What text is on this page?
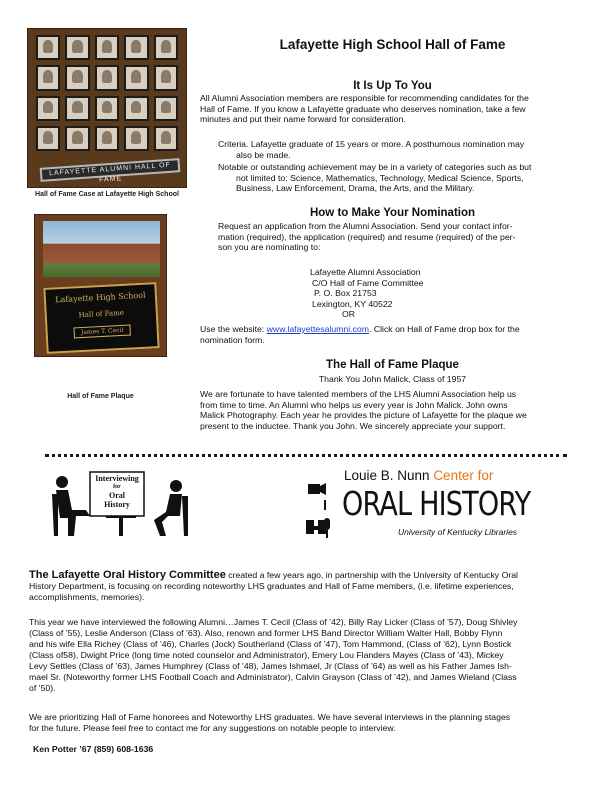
LAFAYETTE ALUMNI HALL OF FAME
Hall of Fame Case at Lafayette High School
Lafayette High School
Hall of Fame
James T. Cecil
Hall of Fame Plaque
Lafayette High School Hall of Fame
It Is Up To You
All Alumni Association members are responsible for recommending candidates for the
Hall of Fame. If you know a Lafayette graduate who deserves nomination, take a few
minutes and put their name forward for consideration.
Criteria. Lafayette graduate of 15 years or more. A posthumous nomination may
also be made.
Notable or outstanding achievement may be in a variety of categories such as but
not limited to: Science, Mathematics, Technology, Medical Science, Sports,
Business, Law Enforcement, Drama, the Arts, and the Military.
How to Make Your Nomination
Request an application from the Alumni Association. Send your contact infor-
mation (required), the application (required) and resume (required) of the per-
son you are nominating to:
Lafayette Alumni Association
C/O Hall of Fame Committee
P. O. Box 21753
Lexington, KY 40522
OR
Use the website: www.lafayettesalumni.com. Click on Hall of Fame drop box for the
nomination form.
The Hall of Fame Plaque
Thank You John Malick, Class of 1957
We are fortunate to have talented members of the LHS Alumni Association help us
from time to time. An Alumni who helps us every year is John Malick. John owns
Malick Photography. Each year he provides the picture of Lafayette for the plaque we
present to the inductee. Thank you John. We sincerely appreciate your support.
Interviewing
for
Oral
History
Louie B. Nunn Center for
ORAL HISTORY
University of Kentucky Libraries
The Lafayette Oral History Committee created a few years ago, in partnership with the University of Kentucky Oral
History Department, is focusing on recording noteworthy LHS graduates and Hall of Fame members, (i.e. lifetime experiences,
accomplishments, memories).
This year we have interviewed the following Alumni…James T. Cecil (Class of ’42), Billy Ray Licker (Class of ’57), Doug Shivley
(Class of ’55), Leslie Anderson (Class of ’63). Also, renown and former LHS Band Director William Walter Hall, Bobby Flynn
and his wife Ella Richey (Class of ’46), Charles (Jock) Southerland (Class of ’47), Tom Hammond, (Class of ’62), Lynn Bostick
(Class of58), Dwight Price (long time noted counselor and Administrator), Emery Lou Flanders Mayes (Class of ’43), Mickey
Levy Settles (Class of ’63), James Humphrey (Class of ’48), James Ishmael, Jr (Class of ’64) as well as his Father James Ish-
mael Sr. (Noteworthy former LHS Football Coach and Administrator), Calvin Grayson (Class of ’42), and James Wieland (Class
of ’50).
We are prioritizing Hall of Fame honorees and Noteworthy LHS graduates. We have several interviews in the planning stages
for the future. Please feel free to contact me for any suggestions on notable people to interview.
Ken Potter ’67 (859) 608-1636
